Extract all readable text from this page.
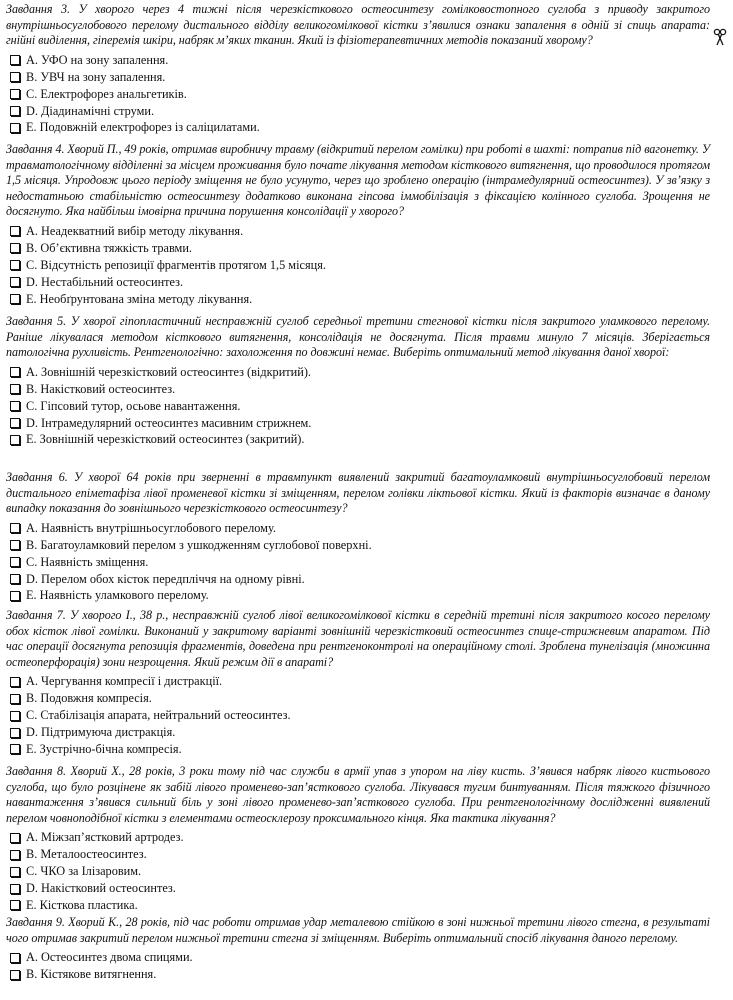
Завдання 3. У хворого через 4 тижні після черезкісткового остеосинтезу гомілковостопного суглоба з приводу закритого внутрішньосуглобового перелому дистального відділу великогомілкової кістки з’явилися ознаки запалення в одній зі спиць апарата: гнійні виділення, гіперемія шкіри, набряк м’яких тканин. Який із фізіотерапевтичних методів показаний хворому?
A. УФО на зону запалення.
B. УВЧ на зону запалення.
C. Електрофорез анальгетиків.
D. Діадинамічні струми.
E. Подовжній електрофорез із саліцилатами.
Завдання 4. Хворий П., 49 років, отримав виробничу травму (відкритий перелом гомілки) при роботі в шахті: потрапив під вагонетку. У травматологічному відділенні за місцем проживання було почате лікування методом кісткового витягнення, що проводилося протягом 1,5 місяця. Упродовж цього періоду зміщення не було усунуто, через що зроблено операцію (інтрамедулярний остеосинтез). У зв’язку з недостатньою стабільністю остеосинтезу додатково виконана гіпсова іммобілізація з фіксацією колінного суглоба. Зрощення не досягнуто. Яка найбільш імовірна причина порушення консолідації у хворого?
A. Неадекватний вибір методу лікування.
B. Об’єктивна тяжкість травми.
C. Відсутність репозиції фрагментів протягом 1,5 місяця.
D. Нестабільний остеосинтез.
E. Необґрунтована зміна методу лікування.
Завдання 5. У хворої гіпопластичний несправжній суглоб середньої третини стегнової кістки після закритого уламкового перелому. Раніше лікувалася методом кісткового витягнення, консолідація не досягнута. Після травми минуло 7 місяців. Зберігається патологічна рухливість. Рентгенологічно: захоложення по довжині немає. Виберіть оптимальний метод лікування даної хворої:
A. Зовнішній черезкістковий остеосинтез (відкритий).
B. Накістковий остеосинтез.
C. Гіпсовий тутор, осьове навантаження.
D. Інтрамедулярний остеосинтез масивним стрижнем.
E. Зовнішній черезкістковий остеосинтез (закритий).
Завдання 6. У хворої 64 років при зверненні в травмпункт виявлений закритий багатоуламковий внутрішньосуглобовий перелом дистального епіметафіза лівої променевої кістки зі зміщенням, перелом голівки ліктьової кістки. Який із факторів визначає в даному випадку показання до зовнішнього черезкісткового остеосинтезу?
A. Наявність внутрішньосуглобового перелому.
B. Багатоуламковий перелом з ушкодженням суглобової поверхні.
C. Наявність зміщення.
D. Перелом обох кісток передпліччя на одному рівні.
E. Наявність уламкового перелому.
Завдання 7. У хворого І., 38 р., несправжній суглоб лівої великогомілкової кістки в середній третині після закритого косого перелому обох кісток лівої гомілки. Виконаний у закритому варіанті зовнішній черезкістковий остеосинтез спице-стрижневим апаратом. Під час операції досягнута репозиція фрагментів, доведена при рентгеноконтролі на операційному столі. Зроблена тунелізація (множинна остеоперфорація) зони незрощення. Який режим дії в апараті?
A. Чергування компресії і дистракції.
B. Подовжня компресія.
C. Стабілізація апарата, нейтральний остеосинтез.
D. Підтримуюча дистракція.
E. Зустрічно-бічна компресія.
Завдання 8. Хворий Х., 28 років, 3 роки тому під час служби в армії упав з упором на ліву кисть. З’явився набряк лівого кистьового суглоба, що було розцінене як забій лівого променево-зап’ясткового суглоба. Лікувався тугим бинтуванням. Після тяжкого фізичного навантаження з’явився сильний біль у зоні лівого променево-зап’ясткового суглоба. При рентгенологічному дослідженні виявлений перелом човноподібної кістки з елементами остеосклерозу проксимального кінця. Яка тактика лікування?
A. Міжзап’ястковий артродез.
B. Металоостеосинтез.
C. ЧКО за Ілізаровим.
D. Накістковий остеосинтез.
E. Кісткова пластика.
Завдання 9. Хворий К., 28 років, під час роботи отримав удар металевою стійкою в зоні нижньої третини лівого стегна, в результаті чого отримав закритий перелом нижньої третини стегна зі зміщенням. Виберіть оптимальний спосіб лікування даного перелому.
A. Остеосинтез двома спицями.
B. Кістякове витягнення.
